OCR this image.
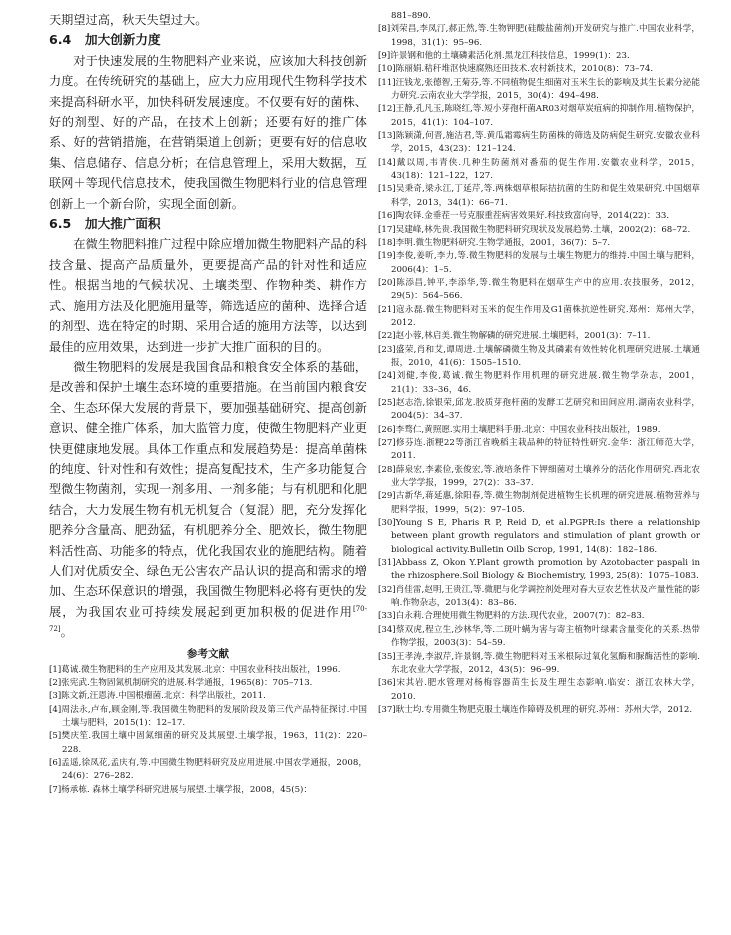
天期望过高，秋天失望过大。

6.4 加大创新力度

对于快速发展的生物肥料产业来说，应该加大科技创新力度。在传统研究的基础上，应大力应用现代生物科学技术来提高科研水平，加快科研发展速度。不仅要有好的菌株、好的剂型、好的产品，在技术上创新；还要有好的推广体系、好的营销措施，在营销渠道上创新；更要有好的信息收集、信息储存、信息分析；在信息管理上，采用大数据，互联网＋等现代信息技术，使我国微生物肥料行业的信息管理创新上一个新台阶，实现全面创新。

6.5 加大推广面积

在微生物肥料推广过程中除应增加微生物肥料产品的科技含量、提高产品质量外，更要提高产品的针对性和适应性。根据当地的气候状况、土壤类型、作物种类、耕作方式、施用方法及化肥施用量等，筛选适应的菌种、选择合适的剂型、选在特定的时期、采用合适的施用方法等，以达到最佳的应用效果，达到进一步扩大推广面积的目的。

微生物肥料的发展是我国食品和粮食安全体系的基础，是改善和保护土壤生态环境的重要措施。在当前国内粮食安全、生态环保大发展的背景下，要加强基础研究、提高创新意识、健全推广体系，加大监管力度，使微生物肥料产业更快更健康地发展。具体工作重点和发展趋势是：提高单菌株的纯度、针对性和有效性；提高复配技术，生产多功能复合型微生物菌剂，实现一剂多用、一剂多能；与有机肥和化肥结合，大力发展生物有机无机复合（复混）肥，充分发挥化肥养分含量高、肥劲猛，有机肥养分全、肥效长，微生物肥料活性高、功能多的特点，优化我国农业的施肥结构。随着人们对优质安全、绿色无公害农产品认识的提高和需求的增加、生态环保意识的增强，我国微生物肥料必将有更快的发展，为我国农业可持续发展起到更加积极的促进作用[70-72]。

参考文献

[1]葛诚.微生物肥料的生产应用及其发展.北京：中国农业科技出版社，1996.

[2]张宪武.生物固氮机制研究的进展.科学通报，1965(8)：705–713.

[3]陈文新,汪恩涛.中国根瘤菌.北京：科学出版社，2011.

[4]周法永,卢布,顾金刚,等.我国微生物肥料的发展阶段及第三代产品特征探讨.中国土壤与肥料，2015(1)：12–17.

[5]樊庆笙.我国土壤中固氮细菌的研究及其展望.土壤学报，1963，11(2)：220–228.

[6]孟遥,徐凤花,孟庆有,等.中国微生物肥料研究及应用进展.中国农学通报，2008，24(6)：276–282.

[7]杨承栋. 森林土壤学科研究进展与展望.土壤学报，2008，45(5)：

881–890.

[8]刘荣昌,李凤汀,郝正然,等.生物钾肥(硅酸盐菌剂)开发研究与推广.中国农业科学，1998，31(1)：95–96.

[9]许景钢和他的土壤磷素活化剂.黑龙江科技信息，1999(1)：23.

[10]陈丽娟.秸秆堆沤快速腐熟还田技术.农村新技术，2010(8)：73–74.

[11]汪钱龙,张德智,王菊芬,等.不同植物促生细菌对玉米生长的影响及其生长素分泌能力研究.云南农业大学学报，2015，30(4)：494–498.

[12]王静,孔凡玉,陈晓红,等.短小芽孢杆菌AR03对烟草炭疽病的抑制作用.植物保护，2015，41(1)：104–107.

[13]陈颖潇,何晋,施洁君,等.黄瓜霜霉病生防菌株的筛选及防病促生研究.安徽农业科学，2015，43(23)：121–124.

[14]戴以周,韦青侠.几种生防菌剂对番茄的促生作用.安徽农业科学，2015，43(18)：121–122，127.

[15]吴秉奇,梁永江,丁延芹,等.两株烟草根际拮抗菌的生防和促生效果研究.中国烟草科学，2013，34(1)：66–71.

[16]陶农铎.金垂茬一号克服重茬病害效果好.科技致富向导，2014(22)：33.

[17]吴建峰,林先贵.我国微生物肥料研究现状及发展趋势.土壤，2002(2)：68–72.

[18]李明.微生物肥料研究.生物学通报，2001，36(7)：5–7.

[19]李俊,姜昕,李力,等.微生物肥料的发展与土壤生物肥力的维持.中国土壤与肥料，2006(4)：1–5.

[20]陈添昌,钟平,李添华,等.微生物肥料在烟草生产中的应用.农技服务，2012，29(5)：564–566.

[21]寇永磊.微生物肥料对玉米的促生作用及G1菌株抗逆性研究.郑州：郑州大学，2012.

[22]赵小蓉,林启美.微生物解磷的研究进展.土壤肥料，2001(3)：7–11.

[23]盛荣,肖和艾,谭周进.土壤解磷微生物及其磷素有效性转化机理研究进展.土壤通报，2010，41(6)：1505–1510.

[24]刘健,李俊,葛诚.微生物肥料作用机理的研究进展.微生物学杂志，2001，21(1)：33–36，46.

[25]赵志浩,徐银荣,邱龙.胶质芽孢杆菌的发酵工艺研究和田间应用.湖南农业科学，2004(5)：34–37.

[26]李骛仁,黄照愿.实用土壤肥料手册.北京：中国农业科技出版社，1989.

[27]修芬连.浙粳22等浙江省晚稻主栽品种的特征特性研究.金华：浙江师范大学，2011.

[28]薛泉宏,李素俭,张俊宏,等.液培条件下钾细菌对土壤养分的活化作用研究.西北农业大学学报，1999，27(2)：33–37.

[29]古新华,蒋延惠,徐阳春,等.微生物制剂促进植物生长机理的研究进展.植物营养与肥料学报，1999，5(2)：97–105.

[30]Young S E, Pharis R P, Reid D, et al.PGPR:Is there a relationship between plant growth regulators and stimulation of plant growth or biological activity.Bulletin Oilb Scrop, 1991, 14(8)：182–186.

[31]Abbass Z, Okon Y.Plant growth promotion by Azotobacter paspali in the rhizosphere.Soil Biology & Biochemistry, 1993, 25(8)：1075–1083.

[32]肖佳雷,赵明,王贵江,等.微肥与化学调控剂处理对春大豆农艺性状及产量性能的影响.作物杂志，2013(4)：83–86.

[33]白永莉.合理使用微生物肥料的方法.现代农业，2007(7)：82–83.

[34]蔡双虎,程立生,沙林华,等.二斑叶螨为害与寄主植物叶绿素含量变化的关系.热带作物学报，2003(3)：54–59.

[35]王孝涛,李淑芹,许景钢,等.微生物肥料对玉米根际过氧化氢酶和脲酶活性的影响.东北农业大学学报，2012，43(5)：96–99.

[36]宋其岩.肥水管理对杨梅容器苗生长及生理生态影响.临安：浙江农林大学，2010.

[37]耿士均.专用微生物肥克服土壤连作障碍及机理的研究.苏州：苏州大学，2012.
